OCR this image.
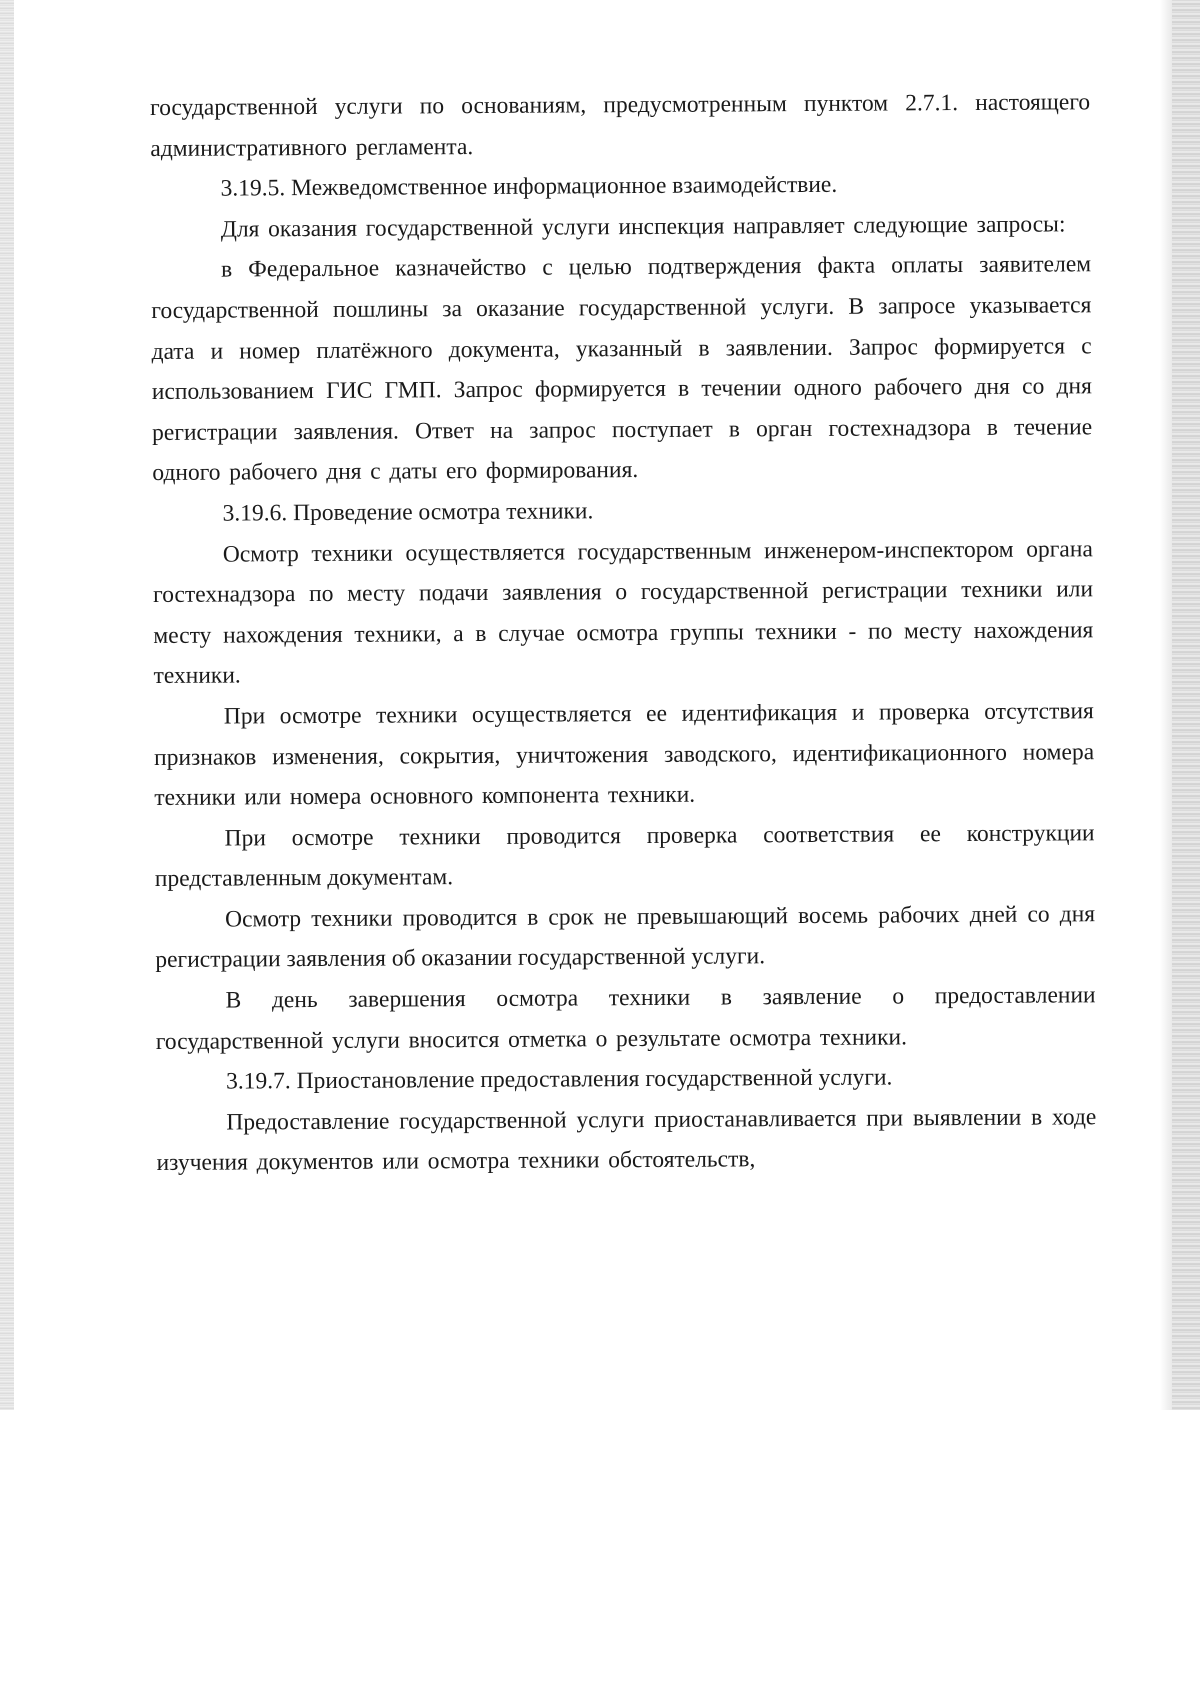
государственной услуги по основаниям, предусмотренным пунктом 2.7.1. настоящего административного регламента.

3.19.5. Межведомственное информационное взаимодействие.

Для оказания государственной услуги инспекция направляет следующие запросы:

в Федеральное казначейство с целью подтверждения факта оплаты заявителем государственной пошлины за оказание государственной услуги. В запросе указывается дата и номер платёжного документа, указанный в заявлении. Запрос формируется с использованием ГИС ГМП. Запрос формируется в течении одного рабочего дня со дня регистрации заявления. Ответ на запрос поступает в орган гостехнадзора в течение одного рабочего дня с даты его формирования.

3.19.6. Проведение осмотра техники.

Осмотр техники осуществляется государственным инженером-инспектором органа гостехнадзора по месту подачи заявления о государственной регистрации техники или месту нахождения техники, а в случае осмотра группы техники - по месту нахождения техники.

При осмотре техники осуществляется ее идентификация и проверка отсутствия признаков изменения, сокрытия, уничтожения заводского, идентификационного номера техники или номера основного компонента техники.

При осмотре техники проводится проверка соответствия ее конструкции представленным документам.

Осмотр техники проводится в срок не превышающий восемь рабочих дней со дня регистрации заявления об оказании государственной услуги.

В день завершения осмотра техники в заявление о предоставлении государственной услуги вносится отметка о результате осмотра техники.

3.19.7. Приостановление предоставления государственной услуги.

Предоставление государственной услуги приостанавливается при выявлении в ходе изучения документов или осмотра техники обстоятельств,
